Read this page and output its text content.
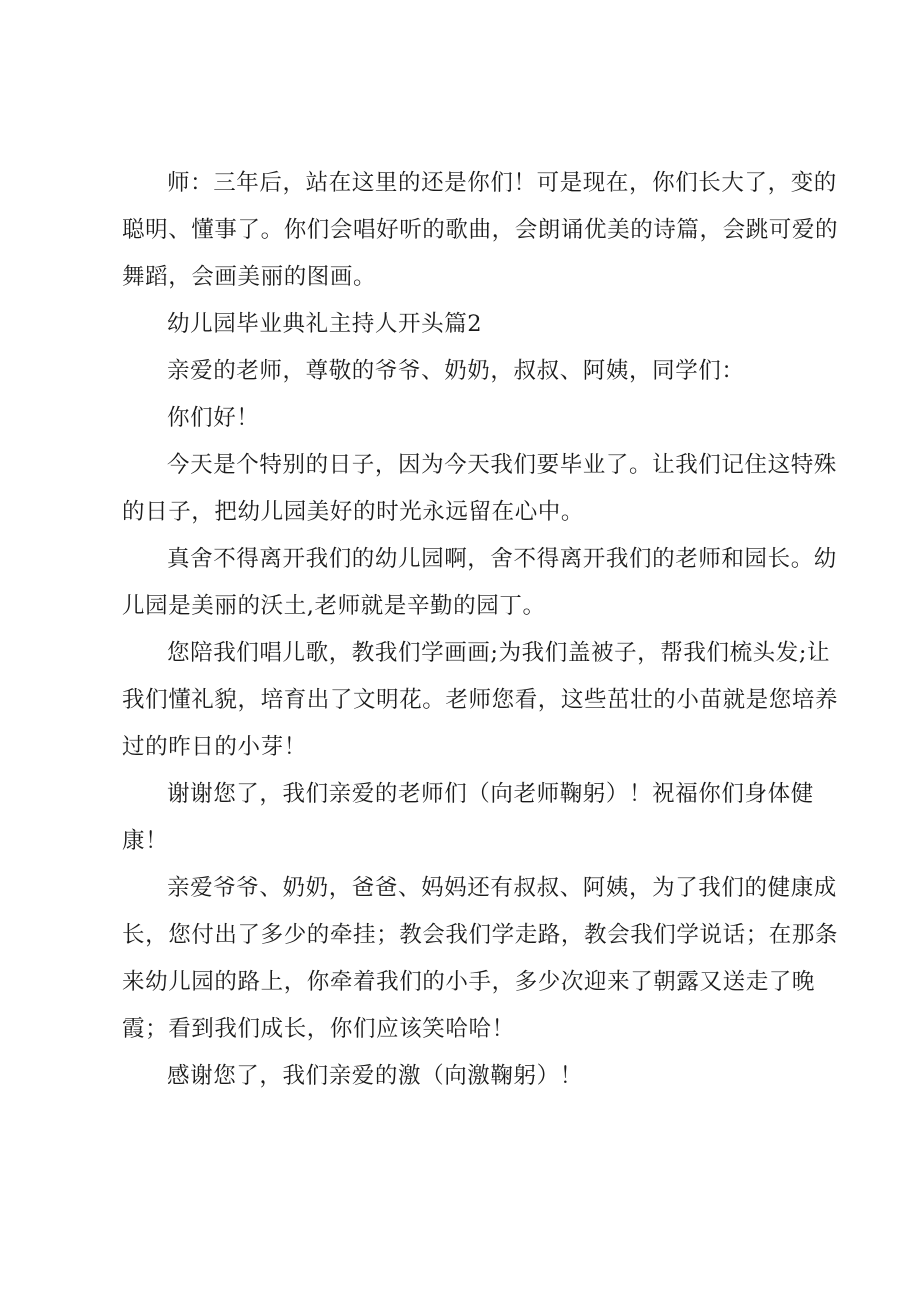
师：三年后，站在这里的还是你们！可是现在，你们长大了，变的聪明、懂事了。你们会唱好听的歌曲，会朗诵优美的诗篇，会跳可爱的舞蹈，会画美丽的图画。

幼儿园毕业典礼主持人开头篇2

亲爱的老师，尊敬的爷爷、奶奶，叔叔、阿姨，同学们：

你们好！

今天是个特别的日子，因为今天我们要毕业了。让我们记住这特殊的日子，把幼儿园美好的时光永远留在心中。

真舍不得离开我们的幼儿园啊，舍不得离开我们的老师和园长。幼儿园是美丽的沃土,老师就是辛勤的园丁。

您陪我们唱儿歌，教我们学画画;为我们盖被子，帮我们梳头发;让我们懂礼貌，培育出了文明花。老师您看，这些茁壮的小苗就是您培养过的昨日的小芽！

谢谢您了，我们亲爱的老师们（向老师鞠躬）！祝福你们身体健康！

亲爱爷爷、奶奶，爸爸、妈妈还有叔叔、阿姨，为了我们的健康成长，您付出了多少的牵挂；教会我们学走路，教会我们学说话；在那条来幼儿园的路上，你牵着我们的小手，多少次迎来了朝露又送走了晚霞；看到我们成长，你们应该笑哈哈！

感谢您了，我们亲爱的激（向激鞠躬）！
